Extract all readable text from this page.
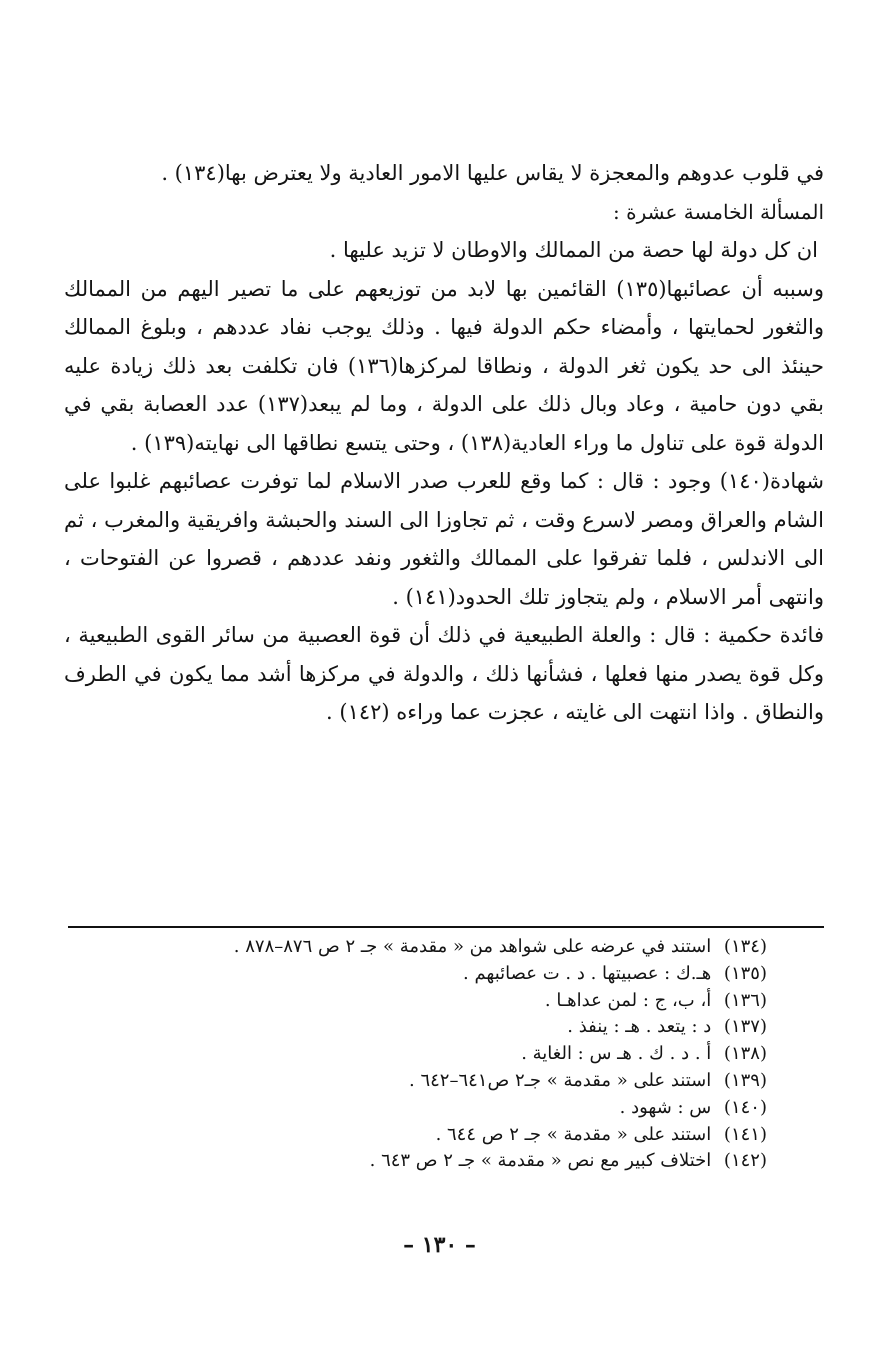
في قلوب عدوهم والمعجزة لا يقاس عليها الامور العادية ولا يعترض بها(١٣٤) .

المسألة الخامسة عشرة :

ان كل دولة لها حصة من الممالك والاوطان لا تزيد عليها .

وسببه أن عصائبها(١٣٥) القائمين بها لابد من توزيعهم على ما تصير اليهم من الممالك والثغور لحمايتها ، وأمضاء حكم الدولة فيها . وذلك يوجب نفاد عددهم ، وبلوغ الممالك حينئذ الى حد يكون ثغر الدولة ، ونطاقا لمركزها(١٣٦) فان تكلفت بعد ذلك زيادة عليه بقي دون حامية ، وعاد وبال ذلك على الدولة ، وما لم يبعد(١٣٧) عدد العصابة بقي في الدولة قوة على تناول ما وراء العادية(١٣٨) ، وحتى يتسع نطاقها الى نهايته(١٣٩) .

شهادة(١٤٠) وجود : قال : كما وقع للعرب صدر الاسلام لما توفرت عصائبهم غلبوا على الشام والعراق ومصر لاسرع وقت ، ثم تجاوزا الى السند والحبشة وافريقية والمغرب ، ثم الى الاندلس ، فلما تفرقوا على الممالك والثغور ونفد عددهم ، قصروا عن الفتوحات ، وانتهى أمر الاسلام ، ولم يتجاوز تلك الحدود(١٤١) .

فائدة حكمية : قال : والعلة الطبيعية في ذلك أن قوة العصبية من سائر القوى الطبيعية ، وكل قوة يصدر منها فعلها ، فشأنها ذلك ، والدولة في مركزها أشد مما يكون في الطرف والنطاق . واذا انتهت الى غايته ، عجزت عما وراءه (١٤٢) .

(١٣٤) استند في عرضه على شواهد من « مقدمة » جـ ٢ ص ٨٧٦–٨٧٨ .
(١٣٥) هـ.ك : عصبيتها . د . ت عصائبهم .
(١٣٦) أ، ب، ج : لمن عداهـا .
(١٣٧) د : يتعد . هـ : ينفذ .
(١٣٨) أ . د . ك . هـ س : الغاية .
(١٣٩) استند على « مقدمة » جـ٢ ص٦٤١–٦٤٢ .
(١٤٠) س : شهود .
(١٤١) استند على « مقدمة » جـ ٢ ص ٦٤٤ .
(١٤٢) اختلاف كبير مع نص « مقدمة » جـ ٢ ص ٦٤٣ .
– ١٣٠ –
